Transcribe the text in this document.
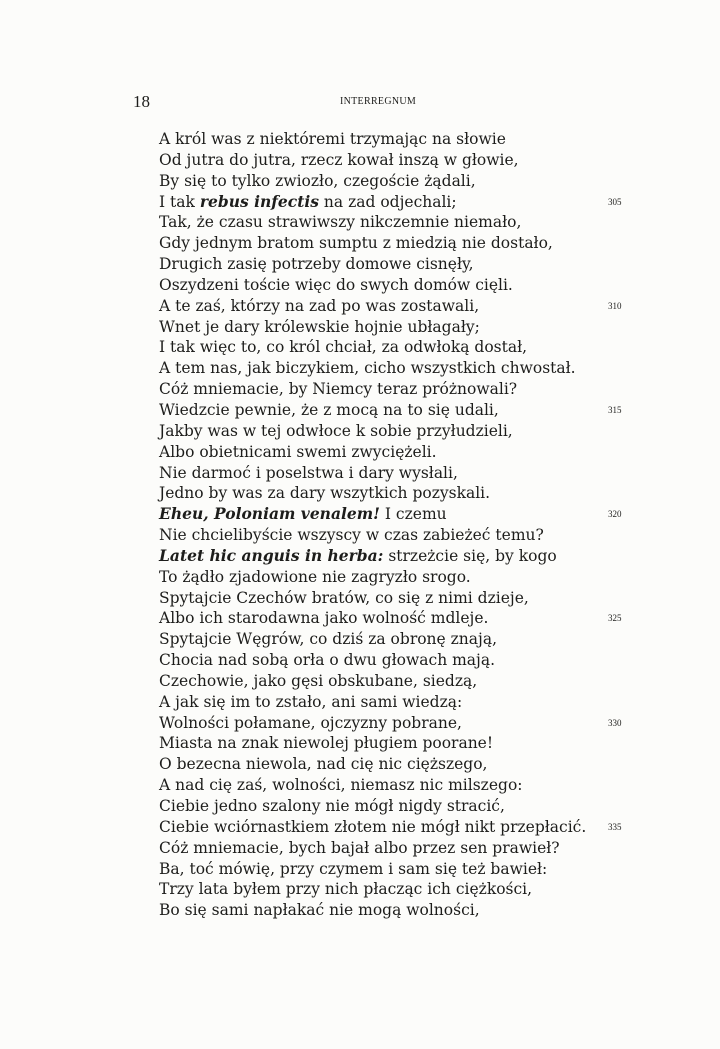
18	INTERREGNUM
A król was z niektóremi trzymając na słowie
Od jutra do jutra, rzecz kował inszą w głowie,
By się to tylko zwiozło, czegoście żądali,
I tak rebus infectis na zad odjechali;	305
Tak, że czasu strawiwszy nikczemnie niemało,
Gdy jednym bratom sumptu z miedzią nie dostało,
Drugich zasię potrzeby domowe cisnęły,
Oszydzeni toście więc do swych domów cięli.
A te zaś, którzy na zad po was zostawali,	310
Wnet je dary królewskie hojnie ubłagały;
I tak więc to, co król chciał, za odwłoką dostał,
A tem nas, jak biczykiem, cicho wszystkich chwostał.
Cóż mniemacie, by Niemcy teraz próżnowali?
Wiedzcie pewnie, że z mocą na to się udali,	315
Jakby was w tej odwłoce k sobie przyłudzieli,
Albo obietnicami swemi zwyciężeli.
Nie darmoć i poselstwa i dary wysłali,
Jedno by was za dary wszytkich pozyskali.
Eheu, Poloniam venalem! I czemu	320
Nie chcielibyście wszyscy w czas zabieżeć temu?
Latet hic anguis in herba: strzeżcie się, by kogo
To żądło zjadowione nie zagryzło srogo.
Spytajcie Czechów bratów, co się z nimi dzieje,
Albo ich starodawna jako wolność mdleje.	325
Spytajcie Węgrów, co dziś za obronę znają,
Chocia nad sobą orła o dwu głowach mają.
Czechowie, jako gęsi obskubane, siedzą,
A jak się im to zstało, ani sami wiedzą:
Wolności połamane, ojczyzny pobrane,	330
Miasta na znak niewolej pługiem poorane!
O bezecna niewola, nad cię nic cięższego,
A nad cię zaś, wolności, niemasz nic milszego:
Ciebie jedno szalony nie mógł nigdy stracić,
Ciebie wciórnastkiem złotem nie mógł nikt przepłacić. 335
Cóż mniemacie, bych bajał albo przez sen prawieł?
Ba, toć mówię, przy czymem i sam się też bawieł:
Trzy lata byłem przy nich płacząc ich ciężkości,
Bo się sami napłakać nie mogą wolności,
